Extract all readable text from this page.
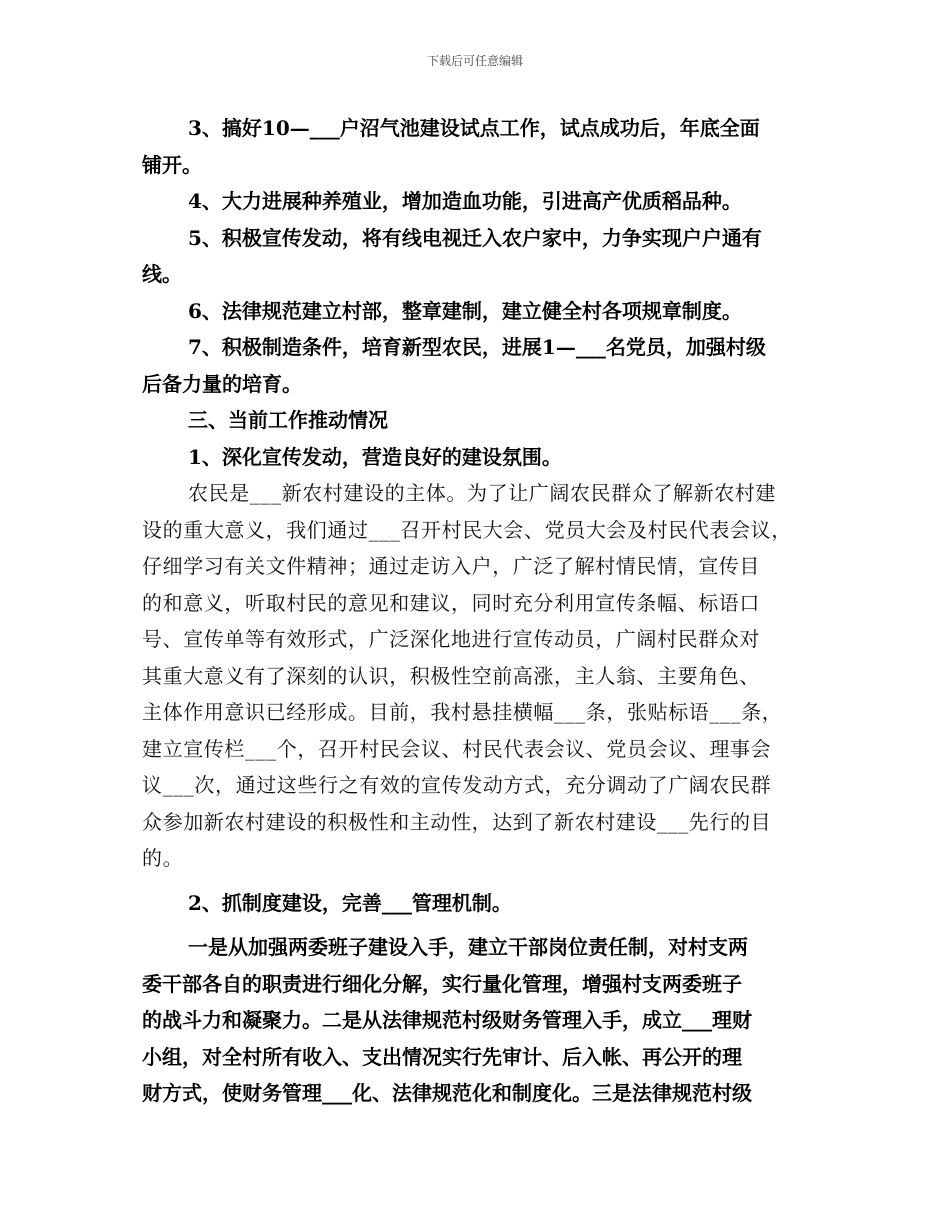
下载后可任意编辑
3、搞好10—___户沼气池建设试点工作，试点成功后，年底全面
铺开。
4、大力进展种养殖业，增加造血功能，引进高产优质稻品种。
5、积极宣传发动，将有线电视迁入农户家中，力争实现户户通有
线。
6、法律规范建立村部，整章建制，建立健全村各项规章制度。
7、积极制造条件，培育新型农民，进展1—___名党员，加强村级
后备力量的培育。
三、当前工作推动情况
1、深化宣传发动，营造良好的建设氛围。
农民是___新农村建设的主体。为了让广阔农民群众了解新农村建
设的重大意义，我们通过___召开村民大会、党员大会及村民代表会议，
仔细学习有关文件精神；通过走访入户，广泛了解村情民情，宣传目
的和意义，听取村民的意见和建议，同时充分利用宣传条幅、标语口
号、宣传单等有效形式，广泛深化地进行宣传动员，广阔村民群众对
其重大意义有了深刻的认识，积极性空前高涨，主人翁、主要角色、
主体作用意识已经形成。目前，我村悬挂横幅___条，张贴标语___条，
建立宣传栏___个，召开村民会议、村民代表会议、党员会议、理事会
议___次，通过这些行之有效的宣传发动方式，充分调动了广阔农民群
众参加新农村建设的积极性和主动性，达到了新农村建设___先行的目
的。
2、抓制度建设，完善___管理机制。
一是从加强两委班子建设入手，建立干部岗位责任制，对村支两
委干部各自的职责进行细化分解，实行量化管理，增强村支两委班子
的战斗力和凝聚力。二是从法律规范村级财务管理入手，成立___理财
小组，对全村所有收入、支出情况实行先审计、后入帐、再公开的理
财方式，使财务管理___化、法律规范化和制度化。三是法律规范村级
